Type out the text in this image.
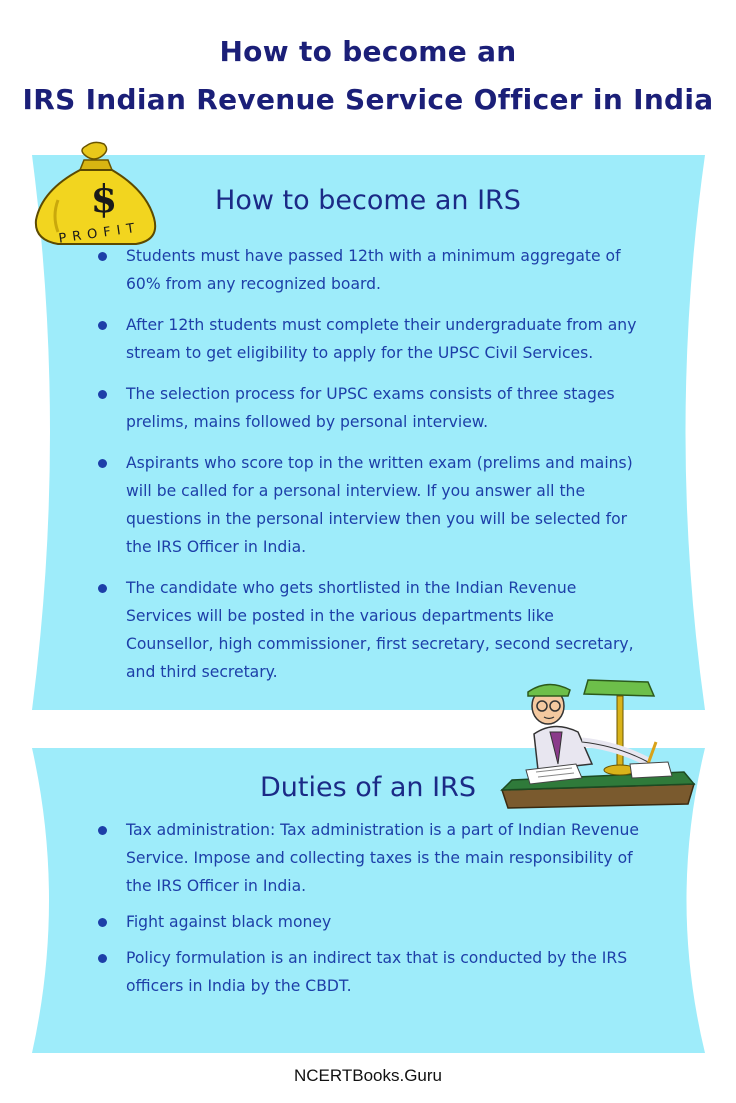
How to become an
IRS Indian Revenue Service Officer in India
$
PROFIT
How to become an IRS
Students must have passed 12th with a minimum aggregate of 60% from any recognized board.
After 12th students must complete their undergraduate from any stream to get eligibility to apply for the UPSC Civil Services.
The selection process for UPSC exams consists of three stages prelims, mains followed by personal interview.
Aspirants who score top in the written exam (prelims and mains) will be called for a personal interview. If you answer all the questions in the personal interview then you will be selected for the IRS Officer in India.
The candidate who gets shortlisted in the Indian Revenue Services will be posted in the various departments like Counsellor, high commissioner, first secretary, second secretary, and third secretary.
Duties of an IRS
Tax administration: Tax administration is a part of Indian Revenue Service. Impose and collecting taxes is the main responsibility of the IRS Officer in India.
Fight against black money
Policy formulation is an indirect tax that is conducted by the IRS officers in India by the CBDT.
NCERTBooks.Guru
